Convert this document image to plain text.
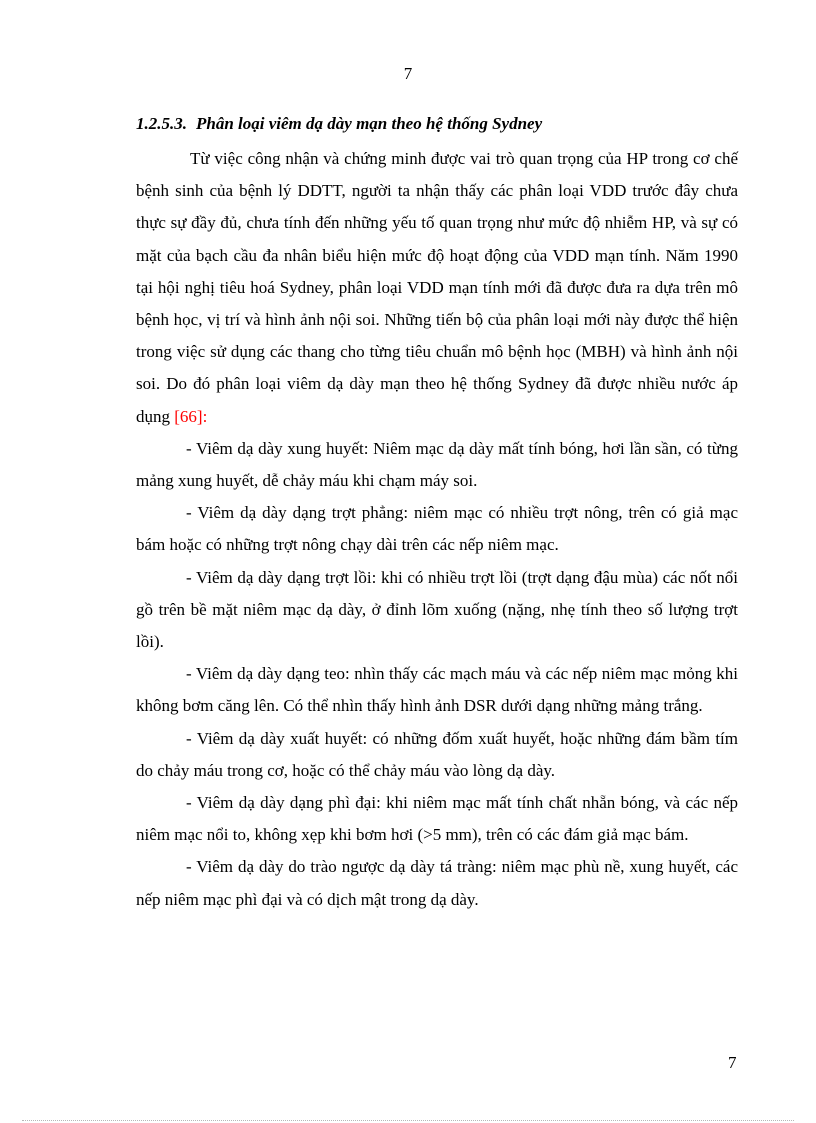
7
1.2.5.3. Phân loại viêm dạ dày mạn theo hệ thống Sydney

Từ việc công nhận và chứng minh được vai trò quan trọng của HP trong cơ chế bệnh sinh của bệnh lý DDTT, người ta nhận thấy các phân loại VDD trước đây chưa thực sự đầy đủ, chưa tính đến những yếu tố quan trọng như mức độ nhiễm HP, và sự có mặt của bạch cầu đa nhân biểu hiện mức độ hoạt động của VDD mạn tính. Năm 1990 tại hội nghị tiêu hoá Sydney, phân loại VDD mạn tính mới đã được đưa ra dựa trên mô bệnh học, vị trí và hình ảnh nội soi. Những tiến bộ của phân loại mới này được thể hiện trong việc sử dụng các thang cho từng tiêu chuẩn mô bệnh học (MBH) và hình ảnh nội soi. Do đó phân loại viêm dạ dày mạn theo hệ thống Sydney đã được nhiều nước áp dụng [66]:

- Viêm dạ dày xung huyết: Niêm mạc dạ dày mất tính bóng, hơi lần sần, có từng mảng xung huyết, dễ chảy máu khi chạm máy soi.

- Viêm dạ dày dạng trợt phẳng: niêm mạc có nhiều trợt nông, trên có giả mạc bám hoặc có những trợt nông chạy dài trên các nếp niêm mạc.

- Viêm dạ dày dạng trợt lồi: khi có nhiều trợt lồi (trợt dạng đậu mùa) các nốt nổi gồ trên bề mặt niêm mạc dạ dày, ở đỉnh lõm xuống (nặng, nhẹ tính theo số lượng trợt lồi).

- Viêm dạ dày dạng teo: nhìn thấy các mạch máu và các nếp niêm mạc mỏng khi không bơm căng lên. Có thể nhìn thấy hình ảnh DSR dưới dạng những mảng trắng.

- Viêm dạ dày xuất huyết: có những đốm xuất huyết, hoặc những đám bầm tím do chảy máu trong cơ, hoặc có thể chảy máu vào lòng dạ dày.

- Viêm dạ dày dạng phì đại: khi niêm mạc mất tính chất nhẵn bóng, và các nếp niêm mạc nổi to, không xẹp khi bơm hơi (>5 mm), trên có các đám giả mạc bám.

- Viêm dạ dày do trào ngược dạ dày tá tràng: niêm mạc phù nề, xung huyết, các nếp niêm mạc phì đại và có dịch mật trong dạ dày.

7
